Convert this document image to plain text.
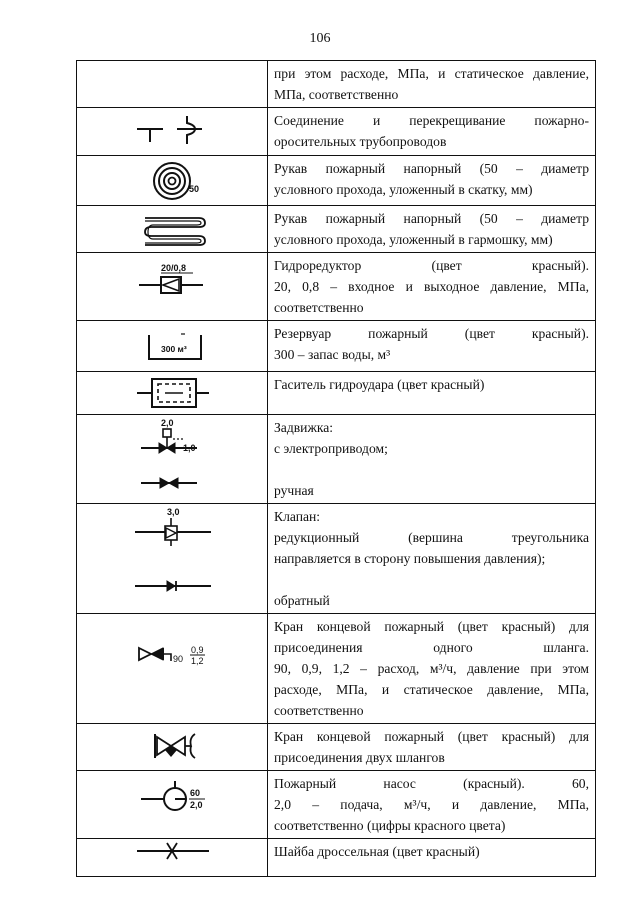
106

	при этом расходе, МПа, и статическое давление,
МПа, соответственно

Соединение и перекрещивание пожарно-
оросительных трубопроводов

50	Рукав пожарный напорный (50 – диаметр
условного прохода, уложенный в скатку, мм)

Рукав пожарный напорный (50 – диаметр
условного прохода, уложенный в гармошку, мм)

20/0,8	Гидроредуктор (цвет красный).
20, 0,8 – входное и выходное давление, МПа,
соответственно

300 м³	Резервуар пожарный (цвет красный).
300 – запас воды, м³

Гаситель гидроудара (цвет красный)

2,0
1,0	Задвижка:
с электроприводом;
ручная

3,0	Клапан:
редукционный (вершина треугольника
направляется в сторону повышения давления);
обратный

90
0,9
1,2	Кран концевой пожарный (цвет красный) для
присоединения одного шланга.
90, 0,9, 1,2 – расход, м³/ч, давление при этом
расходе, МПа, и статическое давление, МПа,
соответственно

Кран концевой пожарный (цвет красный) для
присоединения двух шлангов

60
2,0	Пожарный насос (красный). 60,
2,0 – подача, м³/ч, и давление, МПа,
соответственно (цифры красного цвета)

Шайба дроссельная (цвет красный)
